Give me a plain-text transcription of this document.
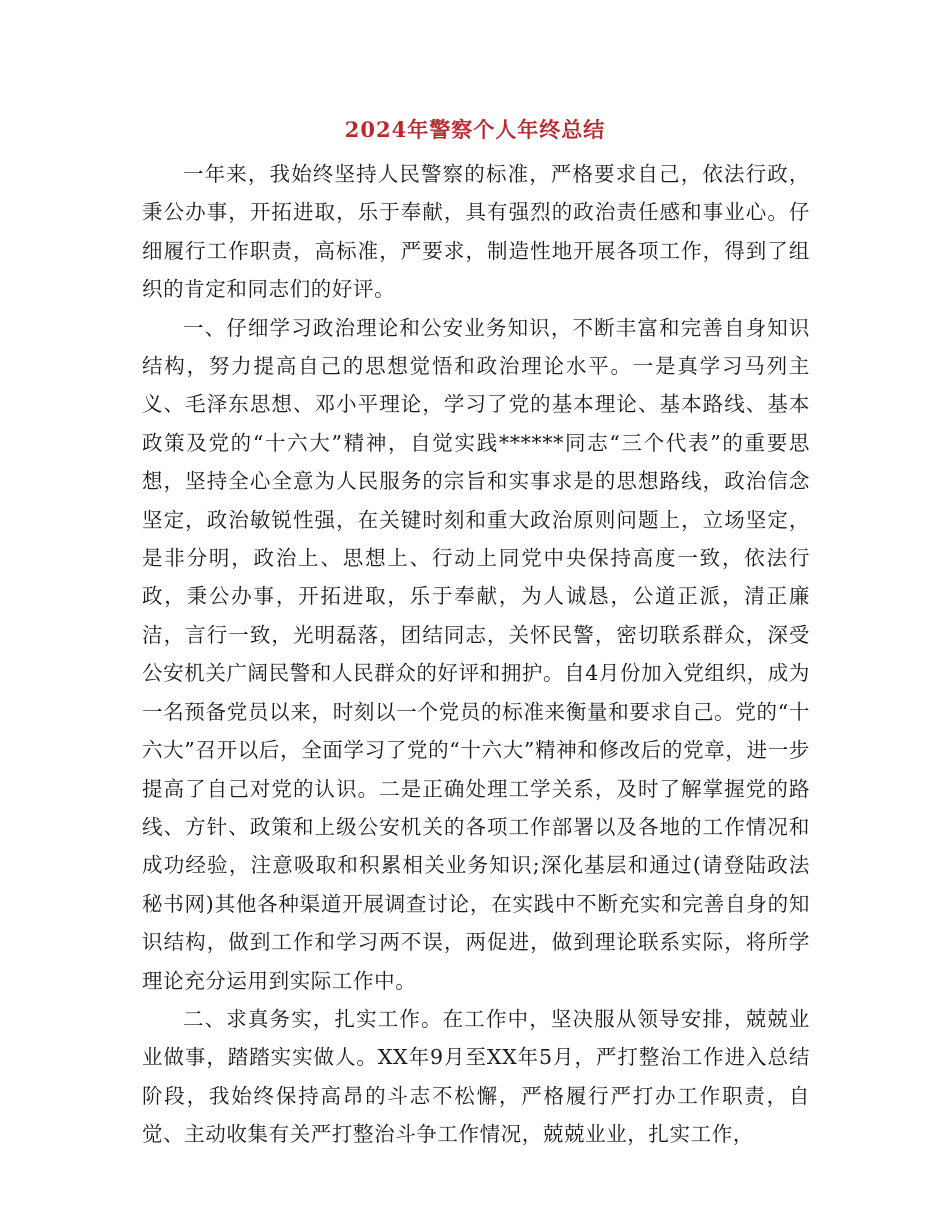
2024年警察个人年终总结

一年来，我始终坚持人民警察的标准，严格要求自己，依法行政，秉公办事，开拓进取，乐于奉献，具有强烈的政治责任感和事业心。仔细履行工作职责，高标准，严要求，制造性地开展各项工作，得到了组织的肯定和同志们的好评。

一、仔细学习政治理论和公安业务知识，不断丰富和完善自身知识结构，努力提高自己的思想觉悟和政治理论水平。一是真学习马列主义、毛泽东思想、邓小平理论，学习了党的基本理论、基本路线、基本政策及党的“十六大”精神，自觉实践******同志“三个代表”的重要思想，坚持全心全意为人民服务的宗旨和实事求是的思想路线，政治信念坚定，政治敏锐性强，在关键时刻和重大政治原则问题上，立场坚定，是非分明，政治上、思想上、行动上同党中央保持高度一致，依法行政，秉公办事，开拓进取，乐于奉献，为人诚恳，公道正派，清正廉洁，言行一致，光明磊落，团结同志，关怀民警，密切联系群众，深受公安机关广阔民警和人民群众的好评和拥护。自4月份加入党组织，成为一名预备党员以来，时刻以一个党员的标准来衡量和要求自己。党的“十六大”召开以后，全面学习了党的“十六大”精神和修改后的党章，进一步提高了自己对党的认识。二是正确处理工学关系，及时了解掌握党的路线、方针、政策和上级公安机关的各项工作部署以及各地的工作情况和成功经验，注意吸取和积累相关业务知识;深化基层和通过(请登陆政法秘书网)其他各种渠道开展调查讨论，在实践中不断充实和完善自身的知识结构，做到工作和学习两不误，两促进，做到理论联系实际，将所学理论充分运用到实际工作中。

二、求真务实，扎实工作。在工作中，坚决服从领导安排，兢兢业业做事，踏踏实实做人。XX年9月至XX年5月，严打整治工作进入总结阶段，我始终保持高昂的斗志不松懈，严格履行严打办工作职责，自觉、主动收集有关严打整治斗争工作情况，兢兢业业，扎实工作，
